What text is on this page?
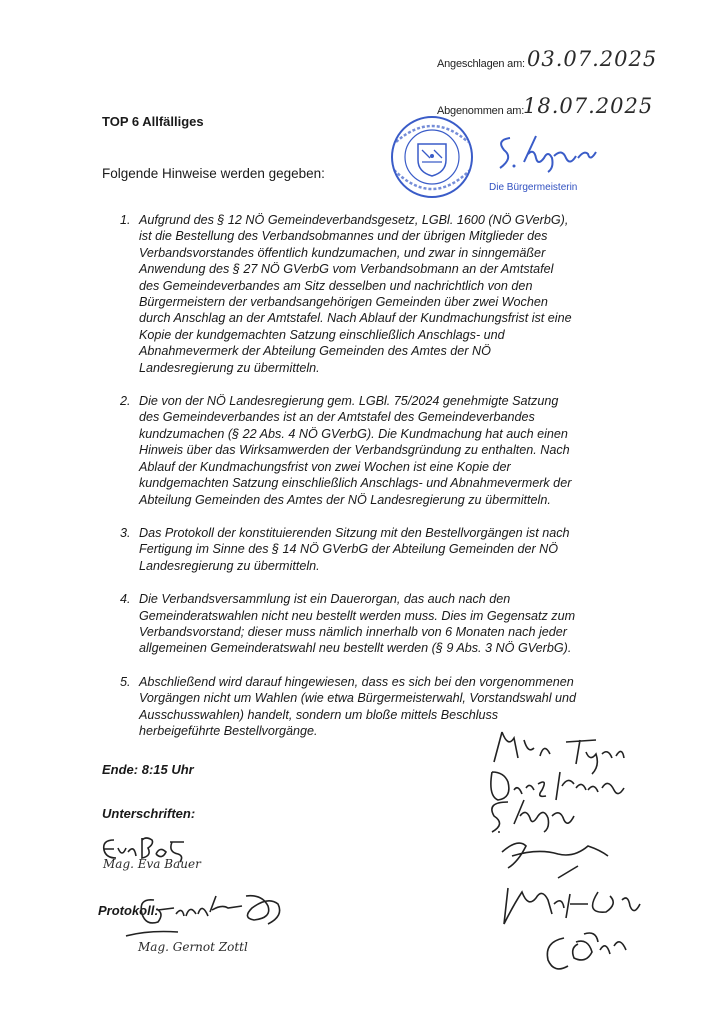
Angeschlagen am: 03.07.2025
Abgenommen am:
18.07.2025
Die Bürgermeisterin
TOP 6 Allfälliges
Folgende Hinweise werden gegeben:
1. Aufgrund des § 12 NÖ Gemeindeverbandsgesetz, LGBl. 1600 (NÖ GVerbG),
ist die Bestellung des Verbandsobmannes und der übrigen Mitglieder des
Verbandsvorstandes öffentlich kundzumachen, und zwar in sinngemäßer
Anwendung des § 27 NÖ GVerbG vom Verbandsobmann an der Amtstafel
des Gemeindeverbandes am Sitz desselben und nachrichtlich von den
Bürgermeistern der verbandsangehörigen Gemeinden über zwei Wochen
durch Anschlag an der Amtstafel. Nach Ablauf der Kundmachungsfrist ist eine
Kopie der kundgemachten Satzung einschließlich Anschlags- und
Abnahmevermerk der Abteilung Gemeinden des Amtes der NÖ
Landesregierung zu übermitteln.
2. Die von der NÖ Landesregierung gem. LGBl. 75/2024 genehmigte Satzung
des Gemeindeverbandes ist an der Amtstafel des Gemeindeverbandes
kundzumachen (§ 22 Abs. 4 NÖ GVerbG). Die Kundmachung hat auch einen
Hinweis über das Wirksamwerden der Verbandsgründung zu enthalten. Nach
Ablauf der Kundmachungsfrist von zwei Wochen ist eine Kopie der
kundgemachten Satzung einschließlich Anschlags- und Abnahmevermerk der
Abteilung Gemeinden des Amtes der NÖ Landesregierung zu übermitteln.
3. Das Protokoll der konstituierenden Sitzung mit den Bestellvorgängen ist nach
Fertigung im Sinne des § 14 NÖ GVerbG der Abteilung Gemeinden der NÖ
Landesregierung zu übermitteln.
4. Die Verbandsversammlung ist ein Dauerorgan, das auch nach den
Gemeinderatswahlen nicht neu bestellt werden muss. Dies im Gegensatz zum
Verbandsvorstand; dieser muss nämlich innerhalb von 6 Monaten nach jeder
allgemeinen Gemeinderatswahl neu bestellt werden (§ 9 Abs. 3 NÖ GVerbG).
5. Abschließend wird darauf hingewiesen, dass es sich bei den vorgenommenen
Vorgängen nicht um Wahlen (wie etwa Bürgermeisterwahl, Vorstandswahl und
Ausschusswahlen) handelt, sondern um bloße mittels Beschluss
herbeigeführte Bestellvorgänge.
Ende: 8:15 Uhr
Unterschriften:
Mag. Eva Bauer
Protokoll:
Mag. Gernot Zottl
